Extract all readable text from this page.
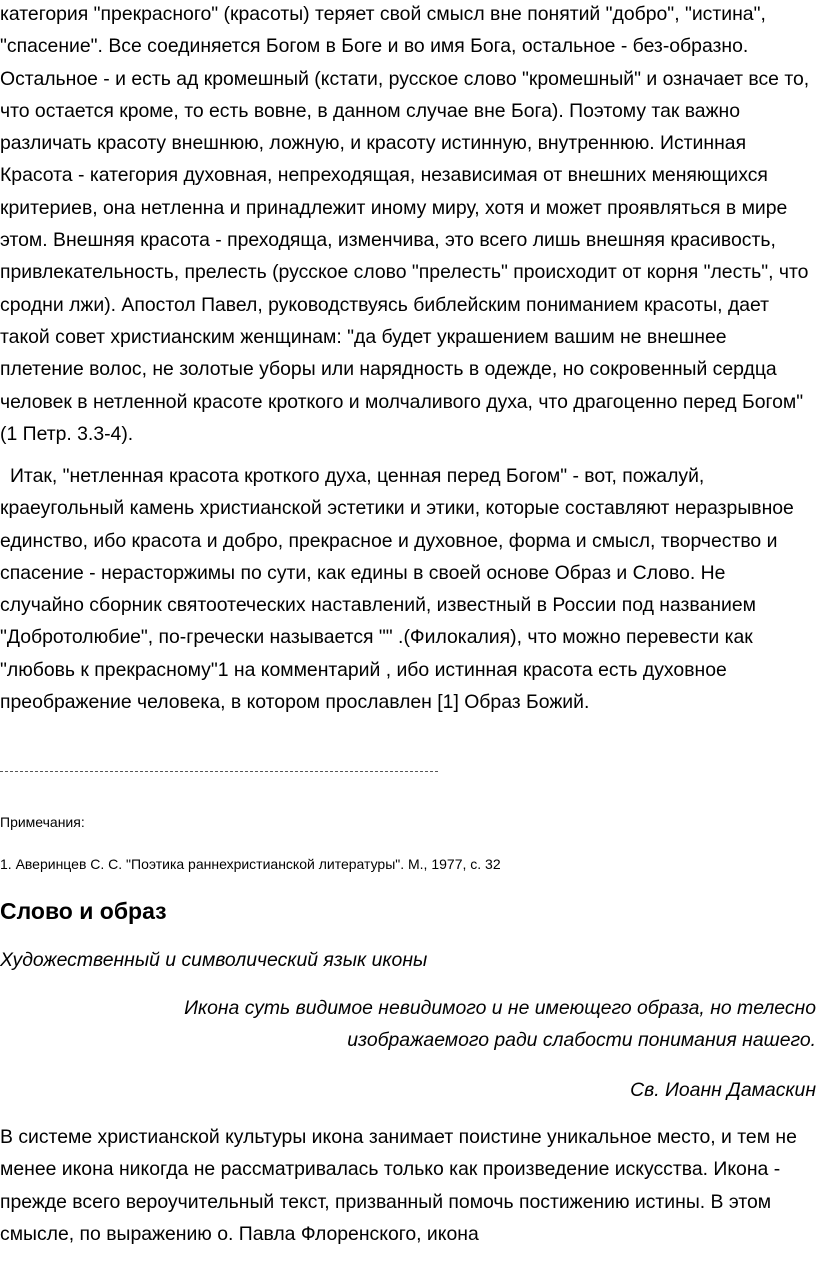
категория "прекрасного" (красоты) теряет свой смысл вне понятий "добро", "истина", "спасение". Все соединяется Богом в Боге и во имя Бога, остальное - без-образно. Остальное - и есть ад кромешный (кстати, русское слово "кромешный" и означает все то, что остается кроме, то есть вовне, в данном случае вне Бога). Поэтому так важно различать красоту внешнюю, ложную, и красоту истинную, внутреннюю. Истинная Красота - категория духовная, непреходящая, независимая от внешних меняющихся критериев, она нетленна и принадлежит иному миру, хотя и может проявляться в мире этом. Внешняя красота - преходяща, изменчива, это всего лишь внешняя красивость, привлекательность, прелесть (русское слово "прелесть" происходит от корня "лесть", что сродни лжи). Апостол Павел, руководствуясь библейским пониманием красоты, дает такой совет христианским женщинам: "да будет украшением вашим не внешнее плетение волос, не золотые уборы или нарядность в одежде, но сокровенный сердца человек в нетленной красоте кроткого и молчаливого духа, что драгоценно перед Богом" (1 Петр. 3.3-4).

Итак, "нетленная красота кроткого духа, ценная перед Богом" - вот, пожалуй, краеугольный камень христианской эстетики и этики, которые составляют неразрывное единство, ибо красота и добро, прекрасное и духовное, форма и смысл, творчество и спасение - нерасторжимы по сути, как едины в своей основе Образ и Слово. Не случайно сборник святоотеческих наставлений, известный в России под названием "Добротолюбие", по-гречески называется "" .(Филокалия), что можно перевести как "любовь к прекрасному"1 на комментарий , ибо истинная красота есть духовное преображение человека, в котором прославлен [1] Образ Божий.

Примечания:

1. Аверинцев С. С. "Поэтика раннехристианской литературы". М., 1977, с. 32

Слово и образ

Художественный и символический язык иконы

Икона суть видимое невидимого и не имеющего образа, но телесно
изображаемого ради слабости понимания нашего.

Св. Иоанн Дамаскин

В системе христианской культуры икона занимает поистине уникальное место, и тем не менее икона никогда не рассматривалась только как произведение искусства. Икона - прежде всего вероучительный текст, призванный помочь постижению истины. В этом смысле, по выражению о. Павла Флоренского, икона
